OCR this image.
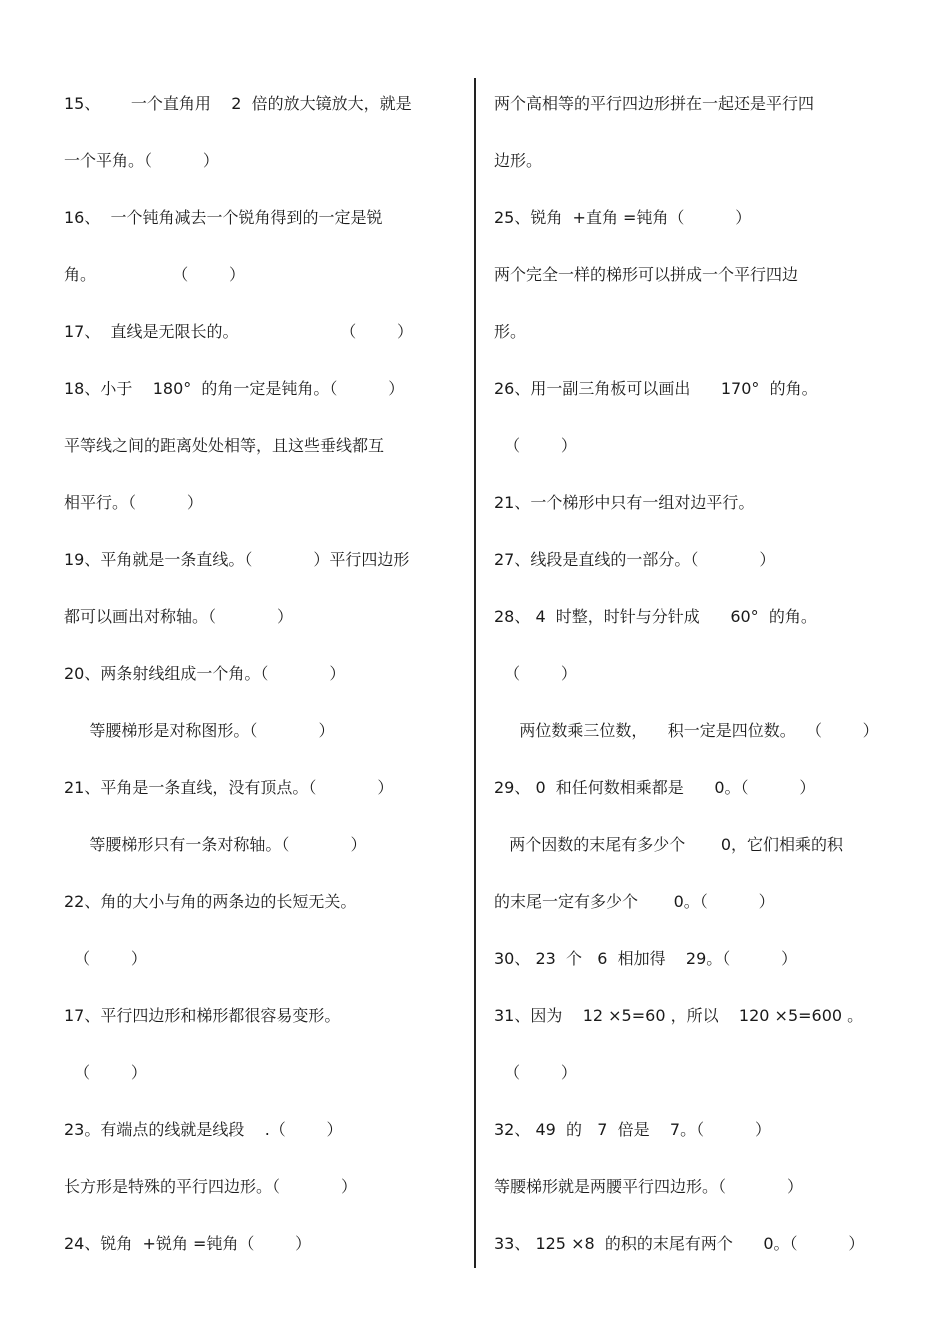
15、      一个直角用    2  倍的放大镜放大，就是
一个平角。（          ）
16、  一个钝角减去一个锐角得到的一定是锐
角。               （        ）
17、  直线是无限长的。                    （        ）
18、小于    180°  的角一定是钝角。（          ）
平等线之间的距离处处相等，且这些垂线都互
相平行。（          ）
19、平角就是一条直线。（            ）平行四边形
都可以画出对称轴。（            ）
20、两条射线组成一个角。（            ）
等腰梯形是对称图形。（            ）
21、平角是一条直线，没有顶点。（            ）
等腰梯形只有一条对称轴。（            ）
22、角的大小与角的两条边的长短无关。
（        ）
17、平行四边形和梯形都很容易变形。
（        ）
23。有端点的线就是线段    .（        ）
长方形是特殊的平行四边形。（            ）
24、锐角  +锐角 =钝角（        ）
两个高相等的平行四边形拼在一起还是平行四
边形。
25、锐角  +直角 =钝角（          ）
两个完全一样的梯形可以拼成一个平行四边
形。
26、用一副三角板可以画出      170°  的角。
（        ）
21、一个梯形中只有一组对边平行。
27、线段是直线的一部分。（            ）
28、 4  时整，时针与分针成      60°  的角。
（        ）
两位数乘三位数，    积一定是四位数。  （        ）
29、 0  和任何数相乘都是      0。（          ）
两个因数的末尾有多少个       0，它们相乘的积
的末尾一定有多少个       0。（          ）
30、 23  个   6  相加得    29。（          ）
31、因为    12 ×5=60 ，所以    120 ×5=600 。
（        ）
32、 49  的   7  倍是    7。（          ）
等腰梯形就是两腰平行四边形。（            ）
33、 125 ×8  的积的末尾有两个      0。（          ）
